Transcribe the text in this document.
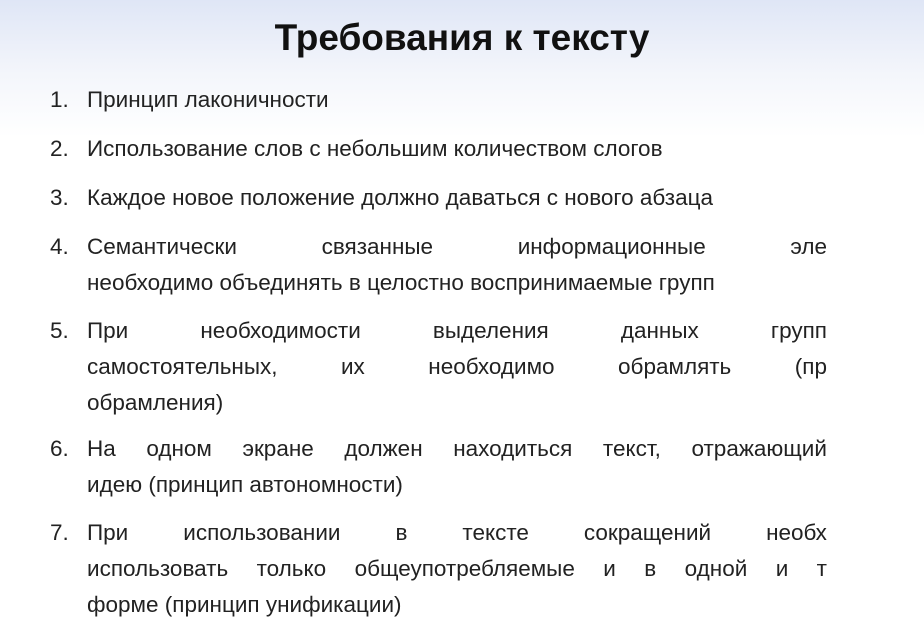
Требования к тексту
1. Принцип лаконичности
2. Использование слов с небольшим количеством слогов
3. Каждое новое положение должно даваться с нового абзаца
4. Семантически	связанные	информационные	эле
необходимо объединять в целостно воспринимаемые групп
5. При	необходимости	выделения	данных	групп
самостоятельных,	их	необходимо	обрамлять	(пр
обрамления)
6. На одном экране должен находиться текст, отражающий
идею (принцип автономности)
7. При использовании в тексте сокращений необх
использовать только общеупотребляемые и в одной и т
форме (принцип унификации)
